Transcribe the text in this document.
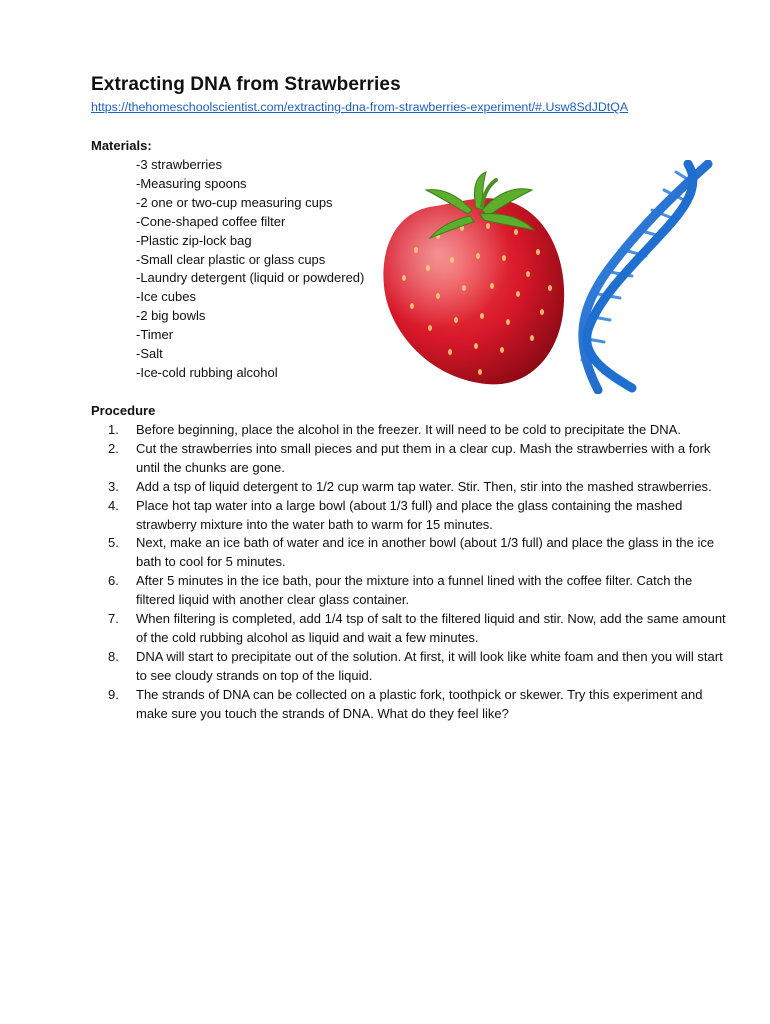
Extracting DNA from Strawberries
https://thehomeschoolscientist.com/extracting-dna-from-strawberries-experiment/#.Usw8SdJDtQA
Materials:
-3 strawberries
-Measuring spoons
-2 one or two-cup measuring cups
-Cone-shaped coffee filter
-Plastic zip-lock bag
-Small clear plastic or glass cups
-Laundry detergent (liquid or powdered)
-Ice cubes
-2 big bowls
-Timer
-Salt
-Ice-cold rubbing alcohol
Procedure
1.	Before beginning, place the alcohol in the freezer. It will need to be cold to precipitate the DNA.
2.	Cut the strawberries into small pieces and put them in a clear cup. Mash the strawberries with a fork until the chunks are gone.
3.	Add a tsp of liquid detergent to 1/2 cup warm tap water. Stir. Then, stir into the mashed strawberries.
4.	Place hot tap water into a large bowl (about 1/3 full) and place the glass containing the mashed strawberry mixture into the water bath to warm for 15 minutes.
5.	Next, make an ice bath of water and ice in another bowl (about 1/3 full) and place the glass in the ice bath to cool for 5 minutes.
6.	After 5 minutes in the ice bath, pour the mixture into a funnel lined with the coffee filter. Catch the filtered liquid with another clear glass container.
7.	When filtering is completed, add 1/4 tsp of salt to the filtered liquid and stir. Now, add the same amount of the cold rubbing alcohol as liquid and wait a few minutes.
8.	DNA will start to precipitate out of the solution. At first, it will look like white foam and then you will start to see cloudy strands on top of the liquid.
9.	The strands of DNA can be collected on a plastic fork, toothpick or skewer. Try this experiment and make sure you touch the strands of DNA. What do they feel like?
